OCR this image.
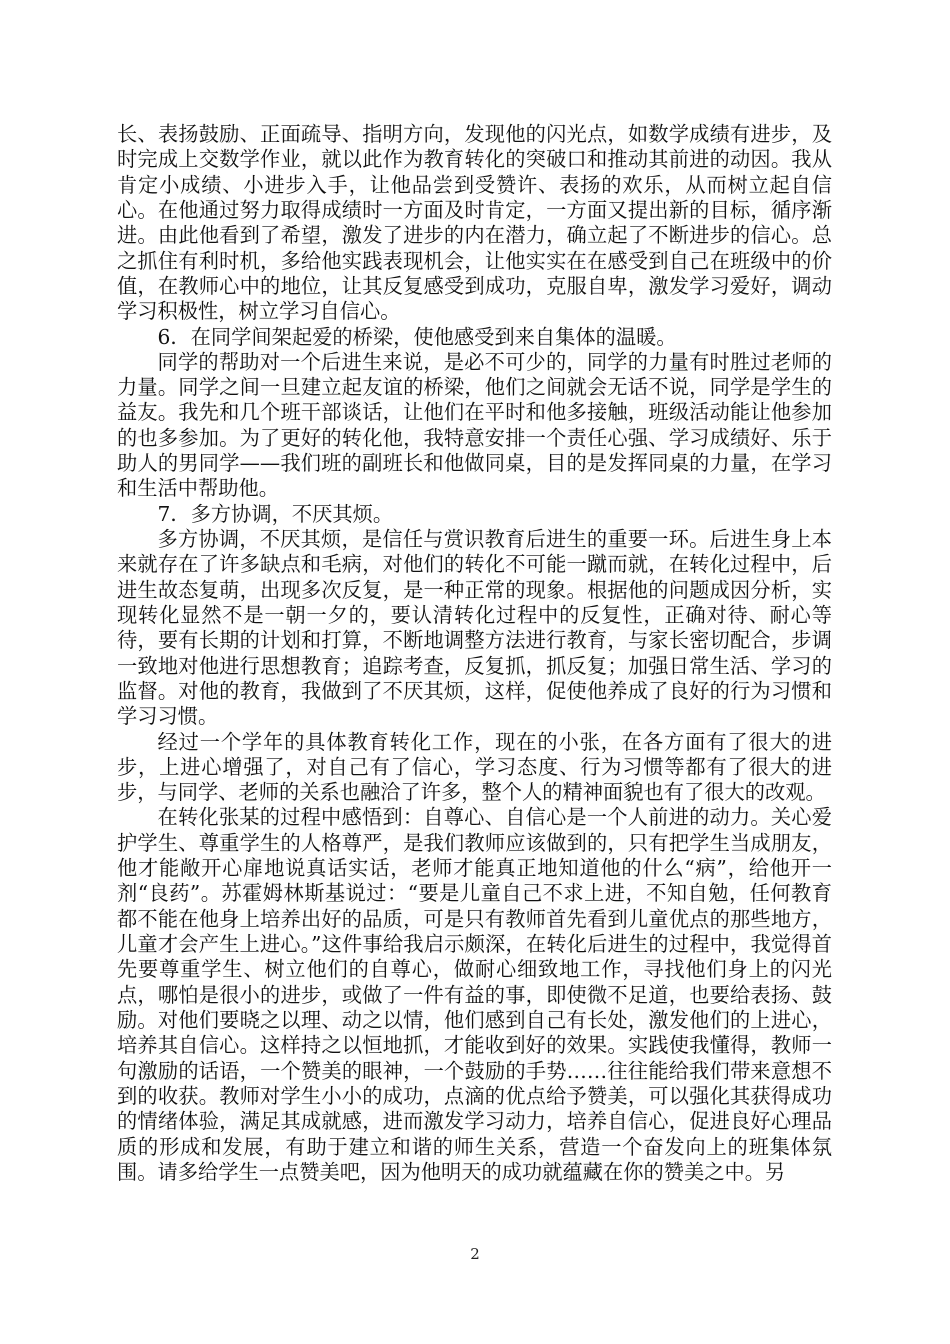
长、表扬鼓励、正面疏导、指明方向，发现他的闪光点，如数学成绩有进步，及时完成上交数学作业，就以此作为教育转化的突破口和推动其前进的动因。我从肯定小成绩、小进步入手，让他品尝到受赞许、表扬的欢乐，从而树立起自信心。在他通过努力取得成绩时一方面及时肯定，一方面又提出新的目标，循序渐进。由此他看到了希望，激发了进步的内在潜力，确立起了不断进步的信心。总之抓住有利时机，多给他实践表现机会，让他实实在在感受到自己在班级中的价值，在教师心中的地位，让其反复感受到成功，克服自卑，激发学习爱好，调动学习积极性，树立学习自信心。

6．在同学间架起爱的桥梁，使他感受到来自集体的温暖。

同学的帮助对一个后进生来说，是必不可少的，同学的力量有时胜过老师的力量。同学之间一旦建立起友谊的桥梁，他们之间就会无话不说，同学是学生的益友。我先和几个班干部谈话，让他们在平时和他多接触，班级活动能让他参加的也多参加。为了更好的转化他，我特意安排一个责任心强、学习成绩好、乐于助人的男同学——我们班的副班长和他做同桌，目的是发挥同桌的力量，在学习和生活中帮助他。

7．多方协调，不厌其烦。

多方协调，不厌其烦，是信任与赏识教育后进生的重要一环。后进生身上本来就存在了许多缺点和毛病，对他们的转化不可能一蹴而就，在转化过程中，后进生故态复萌，出现多次反复，是一种正常的现象。根据他的问题成因分析，实现转化显然不是一朝一夕的，要认清转化过程中的反复性，正确对待、耐心等待，要有长期的计划和打算，不断地调整方法进行教育，与家长密切配合，步调一致地对他进行思想教育；追踪考查，反复抓，抓反复；加强日常生活、学习的监督。对他的教育，我做到了不厌其烦，这样，促使他养成了良好的行为习惯和学习习惯。

经过一个学年的具体教育转化工作，现在的小张，在各方面有了很大的进步，上进心增强了，对自己有了信心，学习态度、行为习惯等都有了很大的进步，与同学、老师的关系也融洽了许多，整个人的精神面貌也有了很大的改观。

在转化张某的过程中感悟到：自尊心、自信心是一个人前进的动力。关心爱护学生、尊重学生的人格尊严，是我们教师应该做到的，只有把学生当成朋友，他才能敞开心扉地说真话实话，老师才能真正地知道他的什么“病”，给他开一剂“良药”。苏霍姆林斯基说过：“要是儿童自己不求上进，不知自勉，任何教育都不能在他身上培养出好的品质，可是只有教师首先看到儿童优点的那些地方，儿童才会产生上进心。”这件事给我启示颇深，在转化后进生的过程中，我觉得首先要尊重学生、树立他们的自尊心，做耐心细致地工作，寻找他们身上的闪光点，哪怕是很小的进步，或做了一件有益的事，即使微不足道，也要给表扬、鼓励。对他们要晓之以理、动之以情，他们感到自己有长处，激发他们的上进心，培养其自信心。这样持之以恒地抓，才能收到好的效果。实践使我懂得，教师一句激励的话语，一个赞美的眼神，一个鼓励的手势……往往能给我们带来意想不到的收获。教师对学生小小的成功，点滴的优点给予赞美，可以强化其获得成功的情绪体验，满足其成就感，进而激发学习动力，培养自信心，促进良好心理品质的形成和发展，有助于建立和谐的师生关系，营造一个奋发向上的班集体氛围。请多给学生一点赞美吧，因为他明天的成功就蕴藏在你的赞美之中。另

2
